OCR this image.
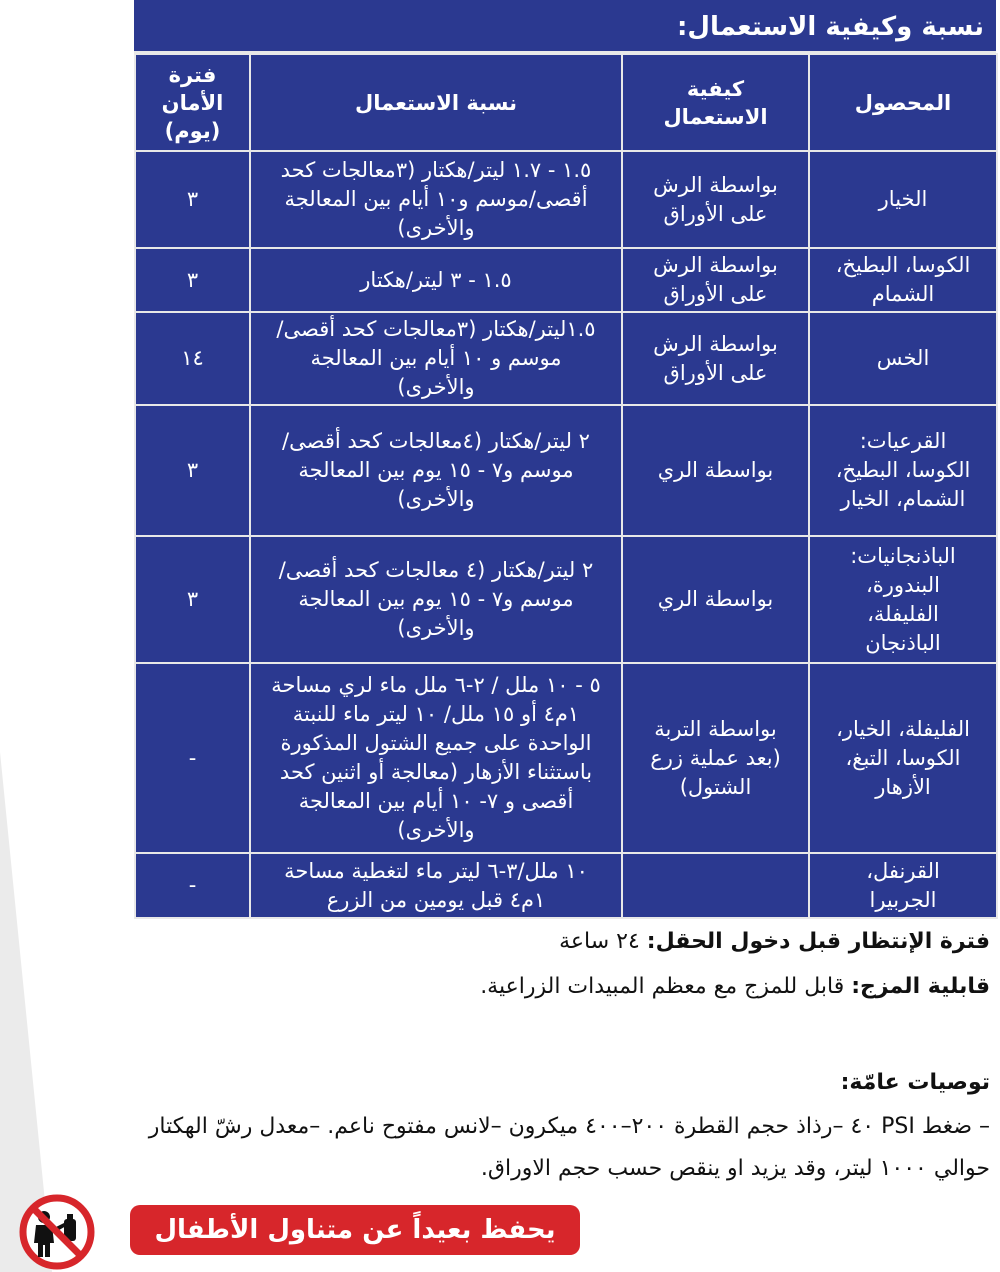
نسبة وكيفية الاستعمال:
المحصول	كيفية الاستعمال	نسبة الاستعمال	فترة الأمان (يوم)

الخيار	بواسطة الرش على الأوراق	١.٥ - ١.٧ ليتر/هكتار (٣معالجات كحد أقصى/موسم و١٠ أيام بين المعالجة والأخرى)	٣

الكوسا، البطيخ، الشمام	بواسطة الرش على الأوراق	١.٥ - ٣ ليتر/هكتار	٣
الخس	بواسطة الرش على الأوراق	١.٥ليتر/هكتار (٣معالجات كحد أقصى/موسم و ١٠ أيام بين المعالجة والأخرى)	١٤

القرعيات: الكوسا، البطيخ، الشمام، الخيار	بواسطة الري	٢ ليتر/هكتار (٤معالجات كحد أقصى/موسم و٧ - ١٥ يوم بين المعالجة والأخرى)	٣

الباذنجانيات: البندورة، الفليفلة، الباذنجان	بواسطة الري	٢ ليتر/هكتار (٤ معالجات كحد أقصى/موسم و٧ - ١٥ يوم بين المعالجة والأخرى)	٣

الفليفلة، الخيار، الكوسا، التبغ، الأزهار	بواسطة التربة (بعد عملية زرع الشتول)	٥ - ١٠ ملل / ٢-٦ ملل ماء لري مساحة ١م٤ أو ١٥ ملل/ ١٠ ليتر ماء للنبتة الواحدة على جميع الشتول المذكورة باستثناء الأزهار (معالجة أو اثنين كحد أقصى و ٧- ١٠ أيام بين المعالجة والأخرى)	-

القرنفل، الجربيرا		١٠ ملل/٣-٦ ليتر ماء لتغطية مساحة ١م٤ قبل يومين من الزرع	-
فترة الإنتظار قبل دخول الحقل: ٢٤ ساعة
قابلية المزج: قابل للمزج مع معظم المبيدات الزراعية.
توصيات عامّة:
– ضغط PSI ٤٠ –رذاذ حجم القطرة ٢٠٠–٤٠٠ ميكرون –لانس مفتوح ناعم. –معدل رشّ الهكتار حوالي ١٠٠٠ ليتر، وقد يزيد او ينقص حسب حجم الاوراق.
يحفظ بعيداً عن متناول الأطفال
